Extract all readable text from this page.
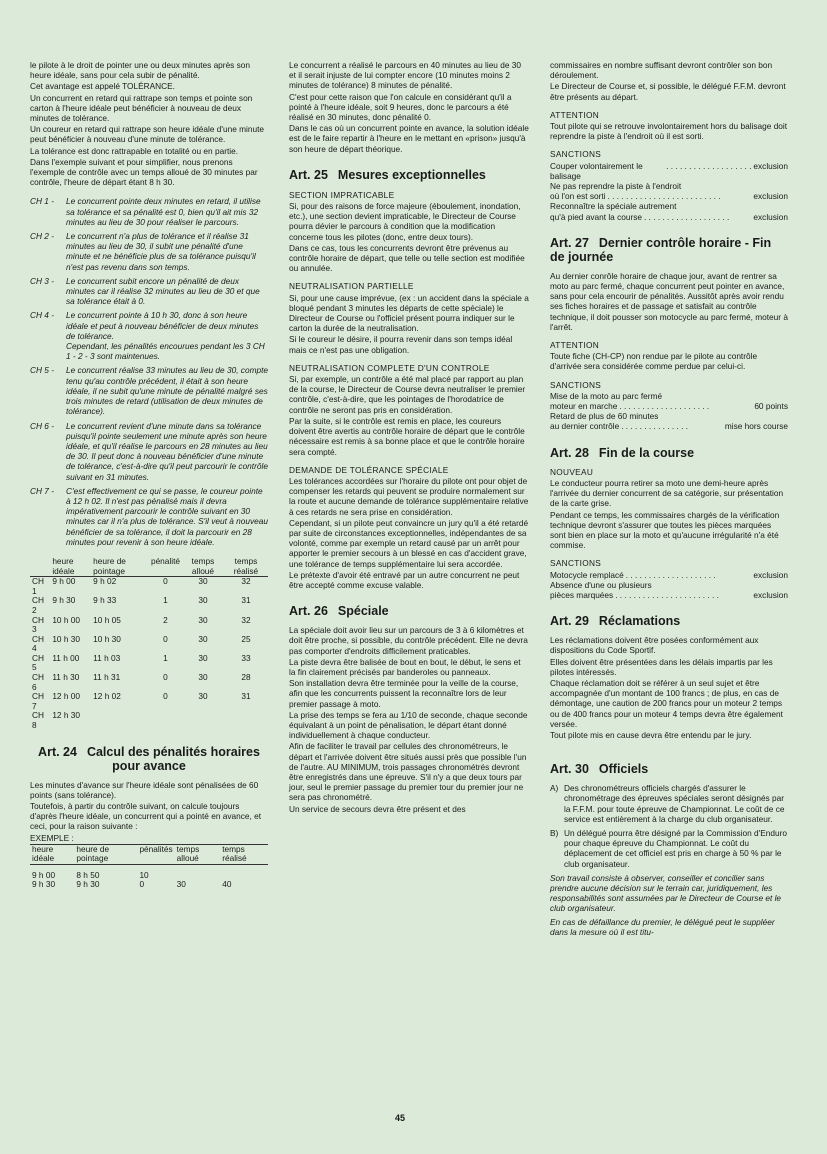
le pilote à le droit de pointer une ou deux minutes après son heure idéale, sans pour cela subir de pénalité.

Cet avantage est appelé TOLÉRANCE.

Un concurrent en retard qui rattrape son temps et pointe son carton à l'heure idéale peut bénéficier à nouveau de deux minutes de tolérance.

Un coureur en retard qui rattrape son heure idéale d'une minute peut bénéficier à nouveau d'une minute de tolérance.

La tolérance est donc rattrapable en totalité ou en partie.

Dans l'exemple suivant et pour simplifier, nous prenons l'exemple de contrôle avec un temps alloué de 30 minutes par contrôle, l'heure de départ étant 8 h 30.

CH 1 -	Le concurrent pointe deux minutes en retard, il utilise sa tolérance et sa pénalité est 0, bien qu'il ait mis 32 minutes au lieu de 30 pour réaliser le parcours.

CH 2 -	Le concurrent n'a plus de tolérance et il réalise 31 minutes au lieu de 30, il subit une pénalité d'une minute et ne bénéficie plus de sa tolérance puisqu'il n'est pas revenu dans son temps.

CH 3 -	Le concurrent subit encore un pénalité de deux minutes car il réalise 32 minutes au lieu de 30 et que sa tolérance était à 0.

CH 4 -	Le concurrent pointe à 10 h 30, donc à son heure idéale et peut à nouveau bénéficier de deux minutes de tolérance.

Cependant, les pénalités encourues pendant les 3 CH 1 - 2 - 3 sont maintenues.

CH 5 -	Le concurrent réalise 33 minutes au lieu de 30, compte tenu qu'au contrôle précédent, il était à son heure idéale, il ne subit qu'une minute de pénalité malgré ses trois minutes de retard (utilisation de deux minutes de tolérance).

CH 6 -	Le concurrent revient d'une minute dans sa tolérance puisqu'il pointe seulement une minute après son heure idéale, et qu'il réalise le parcours en 28 minutes au lieu de 30. Il peut donc à nouveau bénéficier d'une minute de tolérance, c'est-à-dire qu'il peut parcourir le contrôle suivant en 31 minutes.

CH 7 -	C'est effectivement ce qui se passe, le coureur pointe à 12 h 02. Il n'est pas pénalisé mais il devra impérativement parcourir le contrôle suivant en 30 minutes car il n'a plus de tolérance. S'il veut à nouveau bénéficier de sa tolérance, il doit la parcourir en 28 minutes pour revenir à son heure idéale.

	heure idéale	heure de pointage	pénalité	temps alloué	temps réalisé
CH 1	9 h 00	9 h 02	0	30	32
CH 2	9 h 30	9 h 33	1	30	31
CH 3	10 h 00	10 h 05	2	30	32
CH 4	10 h 30	10 h 30	0	30	25
CH 5	11 h 00	11 h 03	1	30	33
CH 6	11 h 30	11 h 31	0	30	28
CH 7	12 h 00	12 h 02	0	30	31
CH 8	12 h 30				
Art. 24 Calcul des pénalités horaires pour avance

Les minutes d'avance sur l'heure idéale sont pénalisées de 60 points (sans tolérance).

Toutefois, à partir du contrôle suivant, on calcule toujours d'après l'heure idéale, un concurrent qui a pointé en avance, et ceci, pour la raison suivante :

EXEMPLE :

heure idéale	heure de pointage	pénalités	temps alloué	temps réalisé

9 h 00	8 h 50	10		
9 h 30	9 h 30	0	30	40

Le concurrent a réalisé le parcours en 40 minutes au lieu de 30 et il serait injuste de lui compter encore (10 minutes moins 2 minutes de tolérance) 8 minutes de pénalité.

C'est pour cette raison que l'on calcule en considérant qu'il a pointé à l'heure idéale, soit 9 heures, donc le parcours a été réalisé en 30 minutes, donc pénalité 0.

Dans le cas où un concurrent pointe en avance, la solution idéale est de le faire repartir à l'heure en le mettant en «prison» jusqu'à son heure de départ théorique.

Art. 25 Mesures exceptionnelles

SECTION IMPRATICABLE

Si, pour des raisons de force majeure (éboulement, inondation, etc.), une section devient impraticable, le Directeur de Course pourra dévier le parcours à condition que la modification concerne tous les pilotes (donc, entre deux tours).

Dans ce cas, tous les concurrents devront être prévenus au contrôle horaire de départ, que telle ou telle section est modifiée ou annulée.

NEUTRALISATION PARTIELLE

Si, pour une cause imprévue, (ex : un accident dans la spéciale a bloqué pendant 3 minutes les départs de cette spéciale) le Directeur de Course ou l'officiel présent pourra indiquer sur le carton la durée de la neutralisation.

Si le coureur le désire, il pourra revenir dans son temps idéal mais ce n'est pas une obligation.

NEUTRALISATION COMPLETE D'UN CONTROLE

Si, par exemple, un contrôle a été mal placé par rapport au plan de la course, le Directeur de Course devra neutraliser le premier contrôle, c'est-à-dire, que les pointages de l'horodatrice de contrôle ne seront pas pris en considération.

Par la suite, si le contrôle est remis en place, les coureurs doivent être avertis au contrôle horaire de départ que le contrôle nécessaire est remis à sa bonne place et que le contrôle horaire sera compté.

DEMANDE DE TOLÉRANCE SPÉCIALE

Les tolérances accordées sur l'horaire du pilote ont pour objet de compenser les retards qui peuvent se produire normalement sur la route et aucune demande de tolérance supplémentaire relative à ces retards ne sera prise en considération.

Cependant, si un pilote peut convaincre un jury qu'il a été retardé par suite de circonstances exceptionnelles, indépendantes de sa volonté, comme par exemple un retard causé par un arrêt pour apporter le premier secours à un blessé en cas d'accident grave, une tolérance de temps supplémentaire lui sera accordée.

Le prétexte d'avoir été entravé par un autre concurrent ne peut être accepté comme excuse valable.

Art. 26 Spéciale

La spéciale doit avoir lieu sur un parcours de 3 à 6 kilomètres et doit être proche, si possible, du contrôle précédent. Elle ne devra pas comporter d'endroits difficilement praticables.

La piste devra être balisée de bout en bout, le début, le sens et la fin clairement précisés par banderoles ou panneaux.

Son installation devra être terminée pour la veille de la course, afin que les concurrents puissent la reconnaître lors de leur premier passage à moto.

La prise des temps se fera au 1/10 de seconde, chaque seconde équivalant à un point de pénalisation, le départ étant donné individuellement à chaque conducteur.

Afin de faciliter le travail par cellules des chronométreurs, le départ et l'arrivée doivent être situés aussi près que possible l'un de l'autre. AU MINIMUM, trois passages chronométrés devront être enregistrés dans une épreuve. S'il n'y a que deux tours par jour, seul le premier passage du premier tour du premier jour ne sera pas chronométré.

Un service de secours devra être présent et des

commissaires en nombre suffisant devront contrôler son bon déroulement.

Le Directeur de Course et, si possible, le délégué F.F.M. devront être présents au départ.

ATTENTION

Tout pilote qui se retrouve involontairement hors du balisage doit reprendre la piste à l'endroit où il est sorti.

SANCTIONS

Couper volontairement le balisage
. . . . . . . . . . . . . . . . . . . exclusion
Ne pas reprendre la piste à l'endroit
où l'on est sorti . . . . . . . . . . . . . . . . . . . . . . . . .	exclusion
Reconnaître la spéciale autrement
qu'à pied avant la course . . . . . . . . . . . . . . . . . . .	exclusion
Art. 27 Dernier contrôle horaire - Fin de journée

Au dernier conrôle horaire de chaque jour, avant de rentrer sa moto au parc fermé, chaque concurrent peut pointer en avance, sans pour cela encourir de pénalités. Aussitôt après avoir rendu ses fiches horaires et de passage et satisfait au contrôle technique, il doit pousser son motocycle au parc fermé, moteur à l'arrêt.

ATTENTION

Toute fiche (CH-CP) non rendue par le pilote au contrôle d'arrivée sera considérée comme perdue par celui-ci.

SANCTIONS

Mise de la moto au parc fermé
moteur en marche . . . . . . . . . . . . . . . . . . . .	60 points
Retard de plus de 60 minutes
au dernier contrôle . . . . . . . . . . . . . . .	mise hors course
Art. 28 Fin de la course

NOUVEAU

Le conducteur pourra retirer sa moto une demi-heure après l'arrivée du dernier concurrent de sa catégorie, sur présentation de la carte grise.

Pendant ce temps, les commissaires chargés de la vérification technique devront s'assurer que toutes les pièces marquées sont bien en place sur la moto et qu'aucune irrégularité n'a été commise.

SANCTIONS

Motocycle remplacé . . . . . . . . . . . . . . . . . . . .	exclusion
Absence d'une ou plusieurs
pièces marquées . . . . . . . . . . . . . . . . . . . . . . .	exclusion
Art. 29 Réclamations

Les réclamations doivent être posées conformément aux dispositions du Code Sportif.

Elles doivent être présentées dans les délais impartis par les pilotes intéressés.

Chaque réclamation doit se référer à un seul sujet et être accompagnée d'un montant de 100 francs ; de plus, en cas de démontage, une caution de 200 francs pour un moteur 2 temps ou de 400 francs pour un moteur 4 temps devra être également versée.

Tout pilote mis en cause devra être entendu par le jury.

Art. 30 Officiels
A) Des chronométreurs officiels chargés d'assurer le chronométrage des épreuves spéciales seront désignés par la F.F.M. pour toute épreuve de Championnat. Le coût de ce service est entièrement à la charge du club organisateur.

B) Un délégué pourra être désigné par la Commission d'Enduro pour chaque épreuve du Championnat. Le coût du déplacement de cet officiel est pris en charge à 50 % par le club organisateur.

Son travail consiste à observer, conseiller et concilier sans prendre aucune décision sur le terrain car, juridiquement, les responsabilités sont assumées par le Directeur de Course et le club organisateur.

En cas de défaillance du premier, le délégué peut le suppléer dans la mesure où il est titu-

45
